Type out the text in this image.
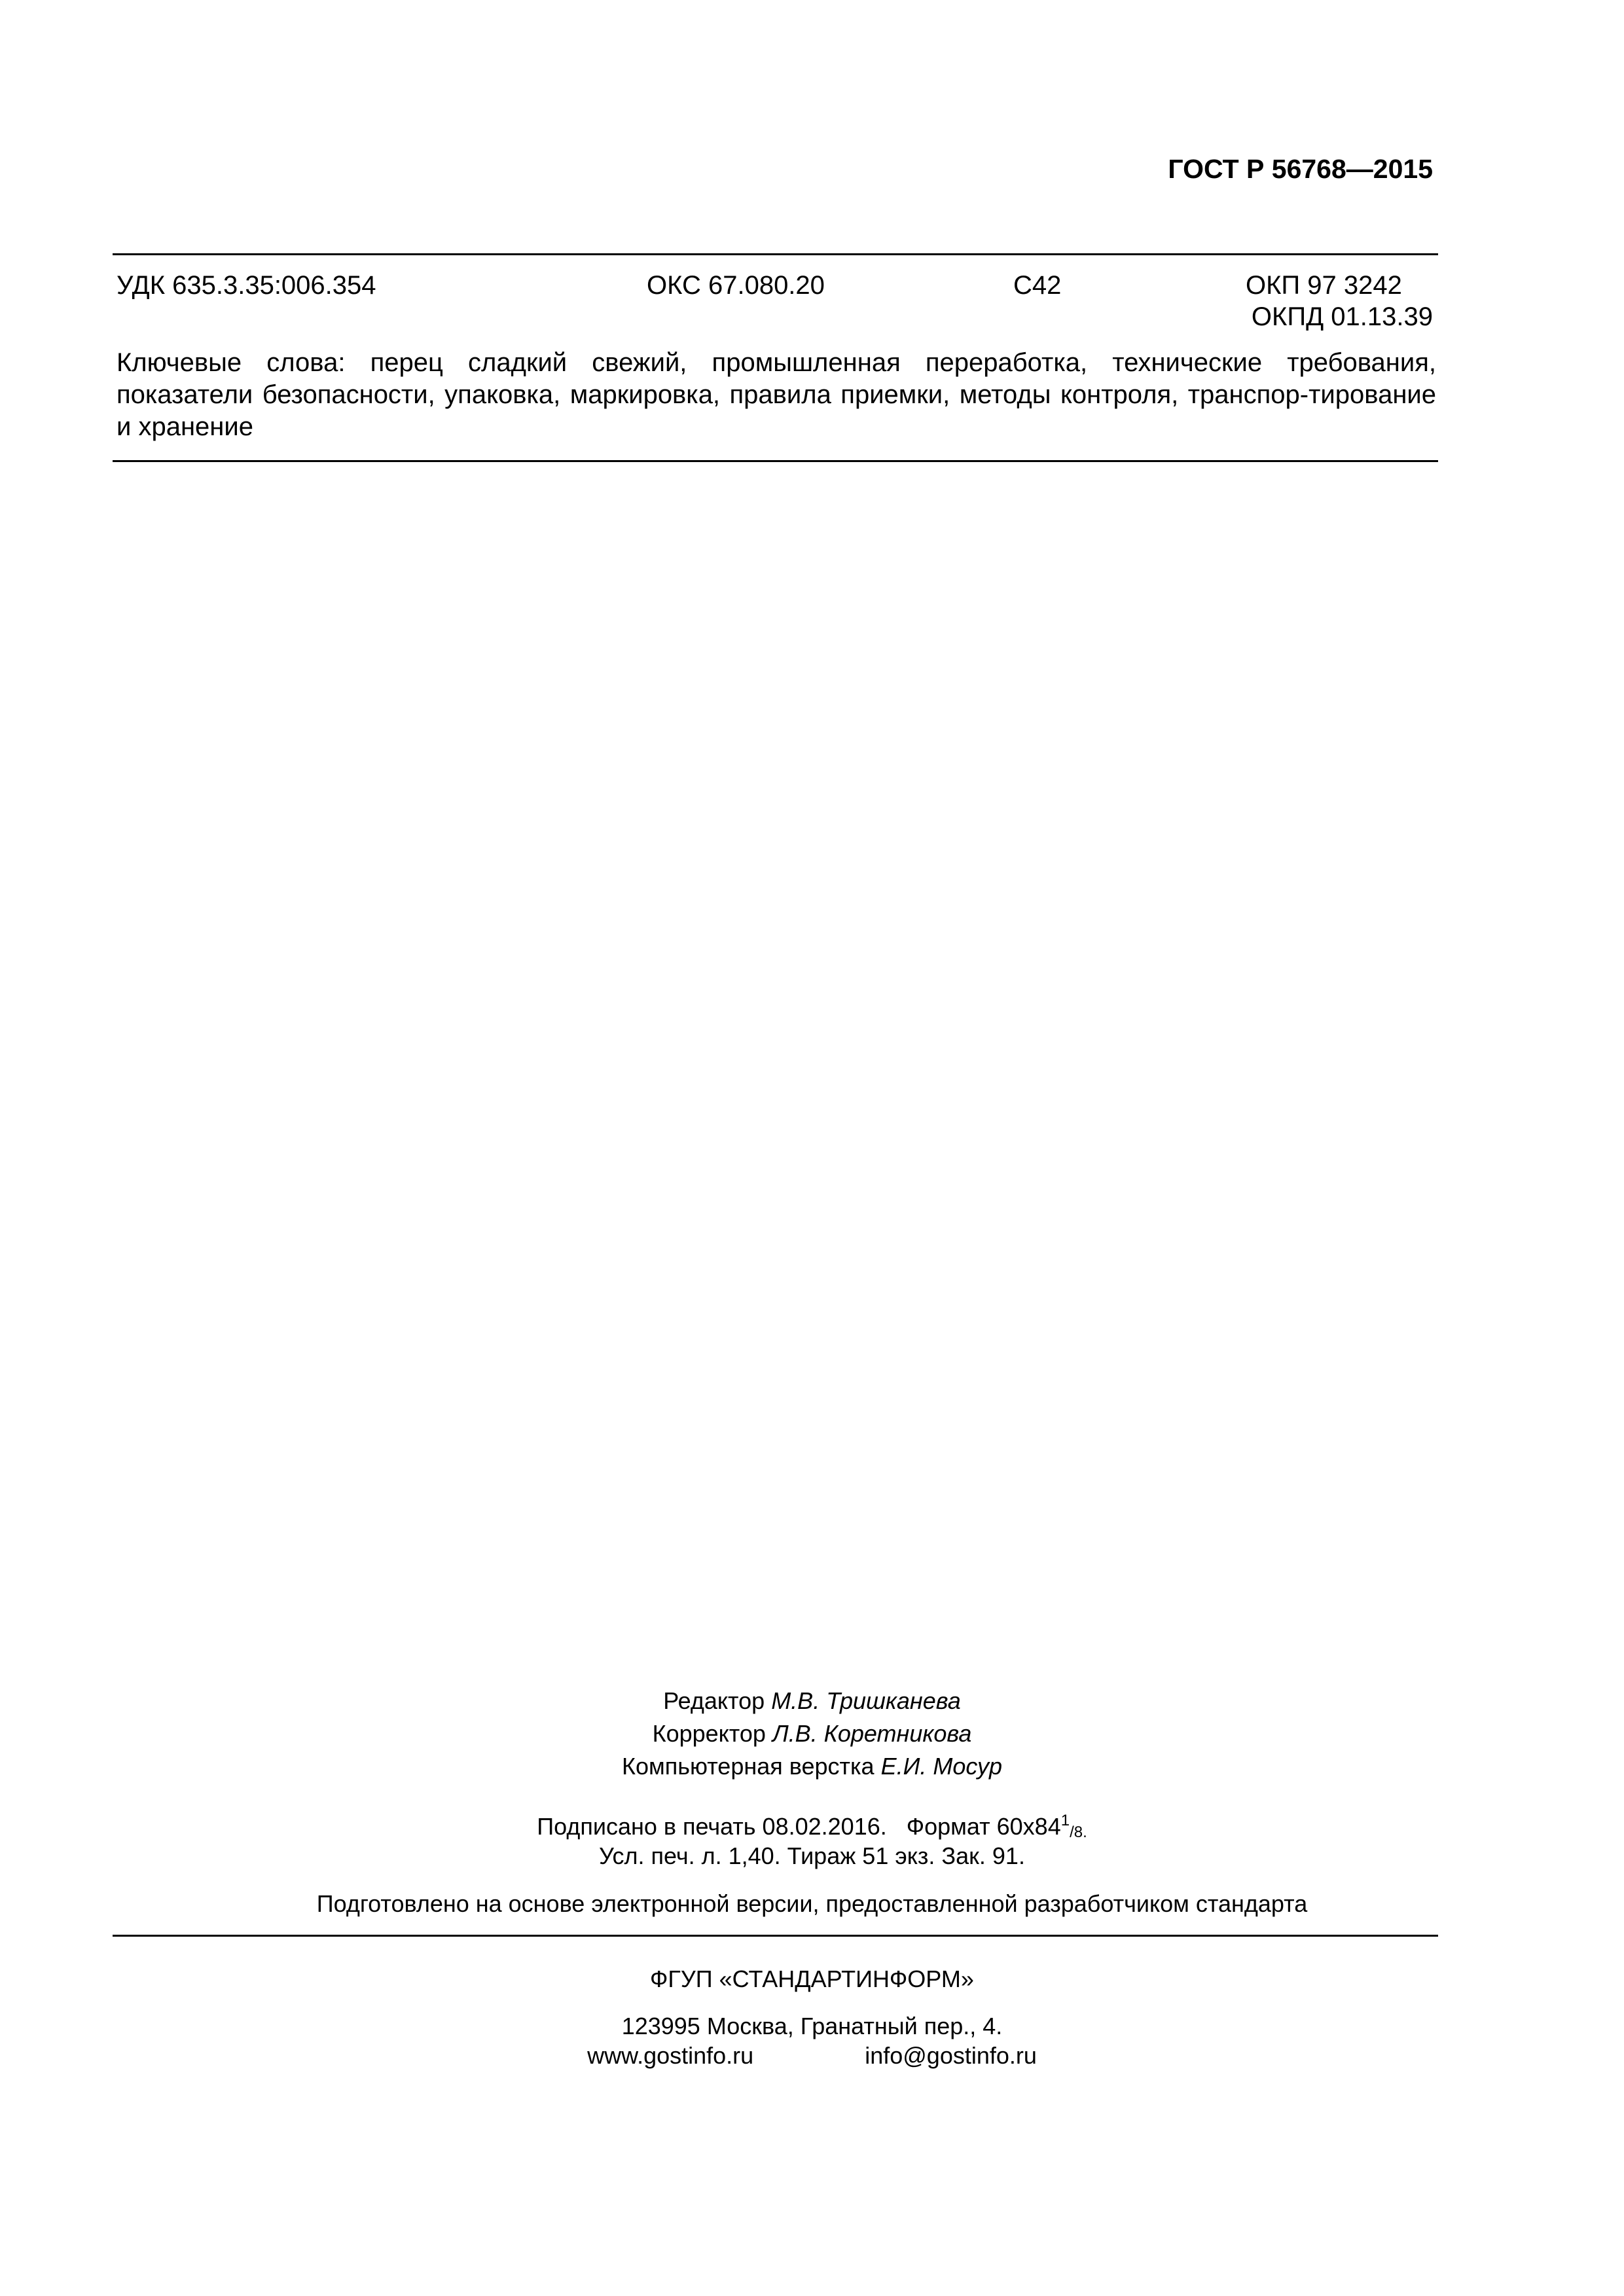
ГОСТ Р 56768—2015
УДК 635.3.35:006.354	ОКС 67.080.20	С42	ОКП 97 3242
ОКПД 01.13.39
Ключевые слова: перец сладкий свежий, промышленная переработка, технические требования, показатели безопасности, упаковка, маркировка, правила приемки, методы контроля, транспор-тирование и хранение
Редактор М.В. Тришканева
Корректор Л.В. Коретникова
Компьютерная верстка Е.И. Мосур
Подписано в печать 08.02.2016. Формат $60х84^1/8$.
Усл. печ. л. 1,40. Тираж 51 экз. Зак. 91.
Подготовлено на основе электронной версии, предоставленной разработчиком стандарта
ФГУП «СТАНДАРТИНФОРМ»
123995 Москва, Гранатный пер., 4.
www.gostinfo.ru	info@gostinfo.ru
